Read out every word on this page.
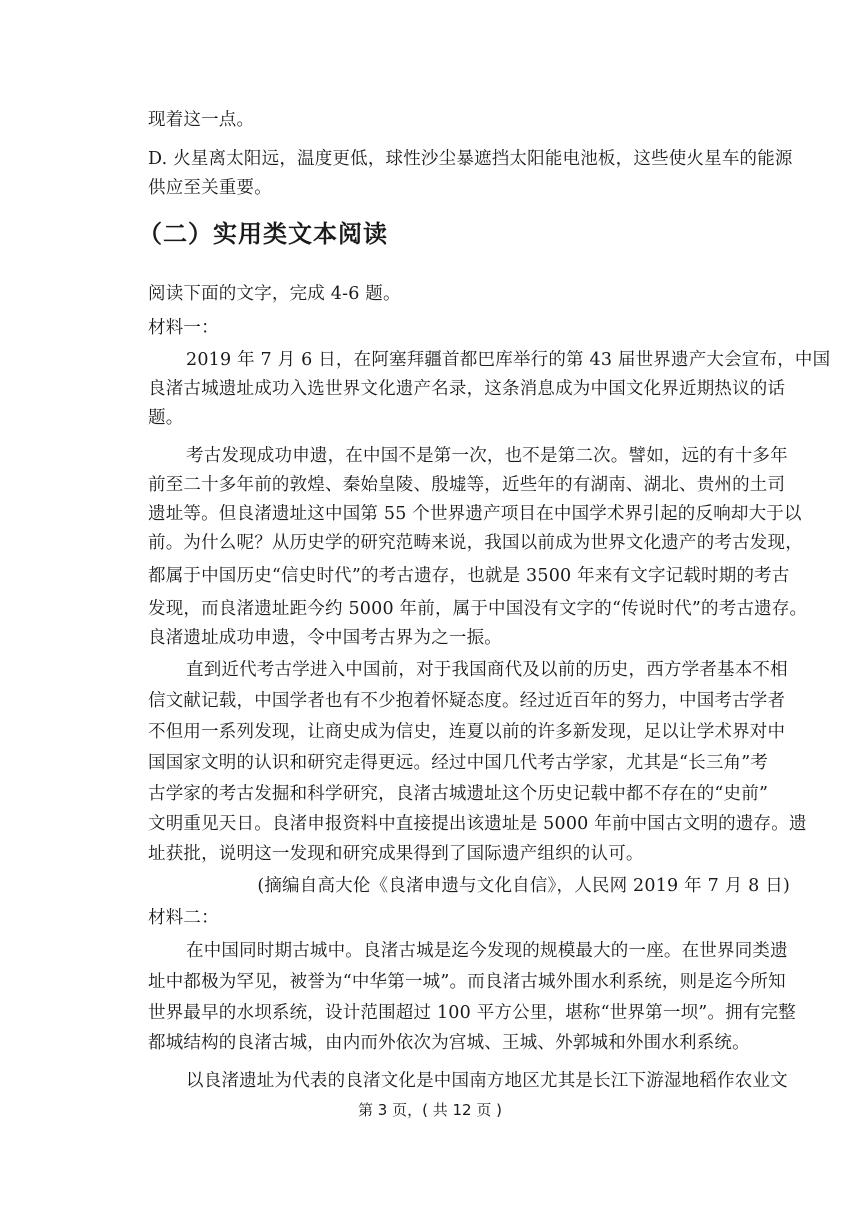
现着这一点。
D. 火星离太阳远，温度更低，球性沙尘暴遮挡太阳能电池板，这些使火星车的能源
供应至关重要。
（二）实用类文本阅读
阅读下面的文字，完成 4-6 题。
材料一：
2019 年 7 月 6 日，在阿塞拜疆首都巴库举行的第 43 届世界遗产大会宣布，中国
良渚古城遗址成功入选世界文化遗产名录，这条消息成为中国文化界近期热议的话
题。
考古发现成功申遗，在中国不是第一次，也不是第二次。譬如，远的有十多年
前至二十多年前的敦煌、秦始皇陵、殷墟等，近些年的有湖南、湖北、贵州的土司
遗址等。但良渚遗址这中国第 55 个世界遗产项目在中国学术界引起的反响却大于以
前。为什么呢？从历史学的研究范畴来说，我国以前成为世界文化遗产的考古发现，
都属于中国历史“信史时代”的考古遗存，也就是 3500 年来有文字记载时期的考古
发现，而良渚遗址距今约 5000 年前，属于中国没有文字的“传说时代”的考古遗存。
良渚遗址成功申遗，令中国考古界为之一振。
直到近代考古学进入中国前，对于我国商代及以前的历史，西方学者基本不相
信文献记载，中国学者也有不少抱着怀疑态度。经过近百年的努力，中国考古学者
不但用一系列发现，让商史成为信史，连夏以前的许多新发现，足以让学术界对中
国国家文明的认识和研究走得更远。经过中国几代考古学家，尤其是“长三角”考
古学家的考古发掘和科学研究，良渚古城遗址这个历史记载中都不存在的“史前”
文明重见天日。良渚申报资料中直接提出该遗址是 5000 年前中国古文明的遗存。遗
址获批，说明这一发现和研究成果得到了国际遗产组织的认可。
(摘编自高大伦《良渚申遗与文化自信》，人民网 2019 年 7 月 8 日)
材料二：
在中国同时期古城中。良渚古城是迄今发现的规模最大的一座。在世界同类遗
址中都极为罕见，被誉为“中华第一城”。而良渚古城外围水利系统，则是迄今所知
世界最早的水坝系统，设计范围超过 100 平方公里，堪称“世界第一坝”。拥有完整
都城结构的良渚古城，由内而外依次为宫城、王城、外郭城和外围水利系统。
以良渚遗址为代表的良渚文化是中国南方地区尤其是长江下游湿地稻作农业文
第 3 页，( 共 12 页 )
